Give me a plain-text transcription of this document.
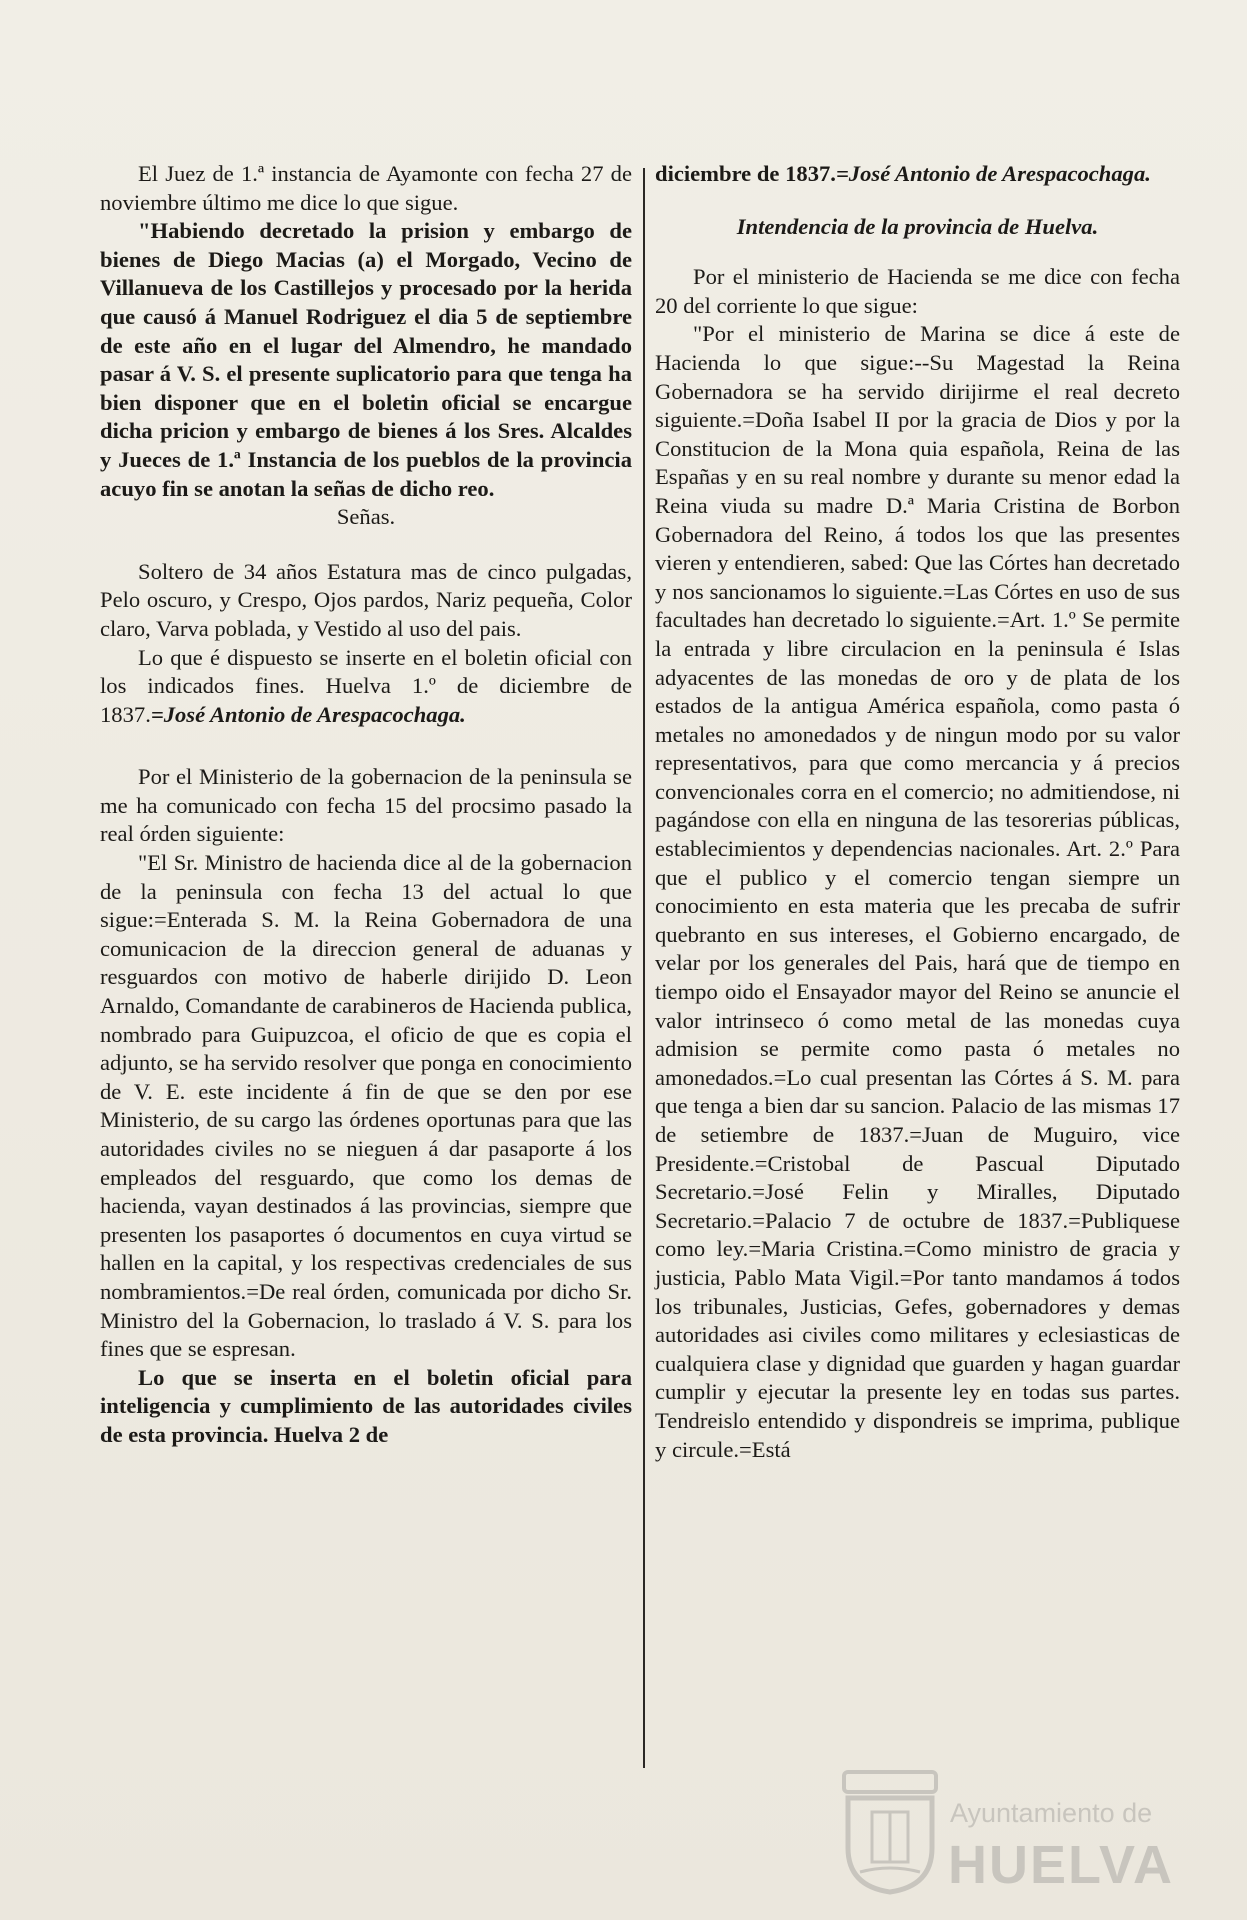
El Juez de 1.ª instancia de Ayamonte con fecha 27 de noviembre último me dice lo que sigue.

"Habiendo decretado la prision y embargo de bienes de Diego Macias (a) el Morgado, Vecino de Villanueva de los Castillejos y procesado por la herida que causó á Manuel Rodriguez el dia 5 de septiembre de este año en el lugar del Almendro, he mandado pasar á V. S. el presente suplicatorio para que tenga ha bien disponer que en el boletin oficial se encargue dicha pricion y embargo de bienes á los Sres. Alcaldes y Jueces de 1.ª Instancia de los pueblos de la provincia acuyo fin se anotan la señas de dicho reo.

Señas.

Soltero de 34 años Estatura mas de cinco pulgadas, Pelo oscuro, y Crespo, Ojos pardos, Nariz pequeña, Color claro, Varva poblada, y Vestido al uso del pais.

Lo que é dispuesto se inserte en el boletin oficial con los indicados fines. Huelva 1.º de diciembre de 1837.=José Antonio de Arespacochaga.

Por el Ministerio de la gobernacion de la peninsula se me ha comunicado con fecha 15 del procsimo pasado la real órden siguiente:

"El Sr. Ministro de hacienda dice al de la gobernacion de la peninsula con fecha 13 del actual lo que sigue:=Enterada S. M. la Reina Gobernadora de una comunicacion de la direccion general de aduanas y resguardos con motivo de haberle dirijido D. Leon Arnaldo, Comandante de carabineros de Hacienda publica, nombrado para Guipuzcoa, el oficio de que es copia el adjunto, se ha servido resolver que ponga en conocimiento de V. E. este incidente á fin de que se den por ese Ministerio, de su cargo las órdenes oportunas para que las autoridades civiles no se nieguen á dar pasaporte á los empleados del resguardo, que como los demas de hacienda, vayan destinados á las provincias, siempre que presenten los pasaportes ó documentos en cuya virtud se hallen en la capital, y los respectivas credenciales de sus nombramientos.=De real órden, comunicada por dicho Sr. Ministro del la Gobernacion, lo traslado á V. S. para los fines que se espresan.

Lo que se inserta en el boletin oficial para inteligencia y cumplimiento de las autoridades civiles de esta provincia. Huelva 2 de

diciembre de 1837.=José Antonio de Arespacochaga.

Intendencia de la provincia de Huelva.

Por el ministerio de Hacienda se me dice con fecha 20 del corriente lo que sigue:

"Por el ministerio de Marina se dice á este de Hacienda lo que sigue:--Su Magestad la Reina Gobernadora se ha servido dirijirme el real decreto siguiente.=Doña Isabel II por la gracia de Dios y por la Constitucion de la Mona quia española, Reina de las Españas y en su real nombre y durante su menor edad la Reina viuda su madre D.ª Maria Cristina de Borbon Gobernadora del Reino, á todos los que las presentes vieren y entendieren, sabed: Que las Córtes han decretado y nos sancionamos lo siguiente.=Las Córtes en uso de sus facultades han decretado lo siguiente.=Art. 1.º Se permite la entrada y libre circulacion en la peninsula é Islas adyacentes de las monedas de oro y de plata de los estados de la antigua América española, como pasta ó metales no amonedados y de ningun modo por su valor representativos, para que como mercancia y á precios convencionales corra en el comercio; no admitiendose, ni pagándose con ella en ninguna de las tesorerias públicas, establecimientos y dependencias nacionales. Art. 2.º Para que el publico y el comercio tengan siempre un conocimiento en esta materia que les precaba de sufrir quebranto en sus intereses, el Gobierno encargado, de velar por los generales del Pais, hará que de tiempo en tiempo oido el Ensayador mayor del Reino se anuncie el valor intrinseco ó como metal de las monedas cuya admision se permite como pasta ó metales no amonedados.=Lo cual presentan las Córtes á S. M. para que tenga a bien dar su sancion. Palacio de las mismas 17 de setiembre de 1837.=Juan de Muguiro, vice Presidente.=Cristobal de Pascual Diputado Secretario.=José Felin y Miralles, Diputado Secretario.=Palacio 7 de octubre de 1837.=Publiquese como ley.=Maria Cristina.=Como ministro de gracia y justicia, Pablo Mata Vigil.=Por tanto mandamos á todos los tribunales, Justicias, Gefes, gobernadores y demas autoridades asi civiles como militares y eclesiasticas de cualquiera clase y dignidad que guarden y hagan guardar cumplir y ejecutar la presente ley en todas sus partes. Tendreislo entendido y dispondreis se imprima, publique y circule.=Está

Ayuntamiento de
HUELVA
